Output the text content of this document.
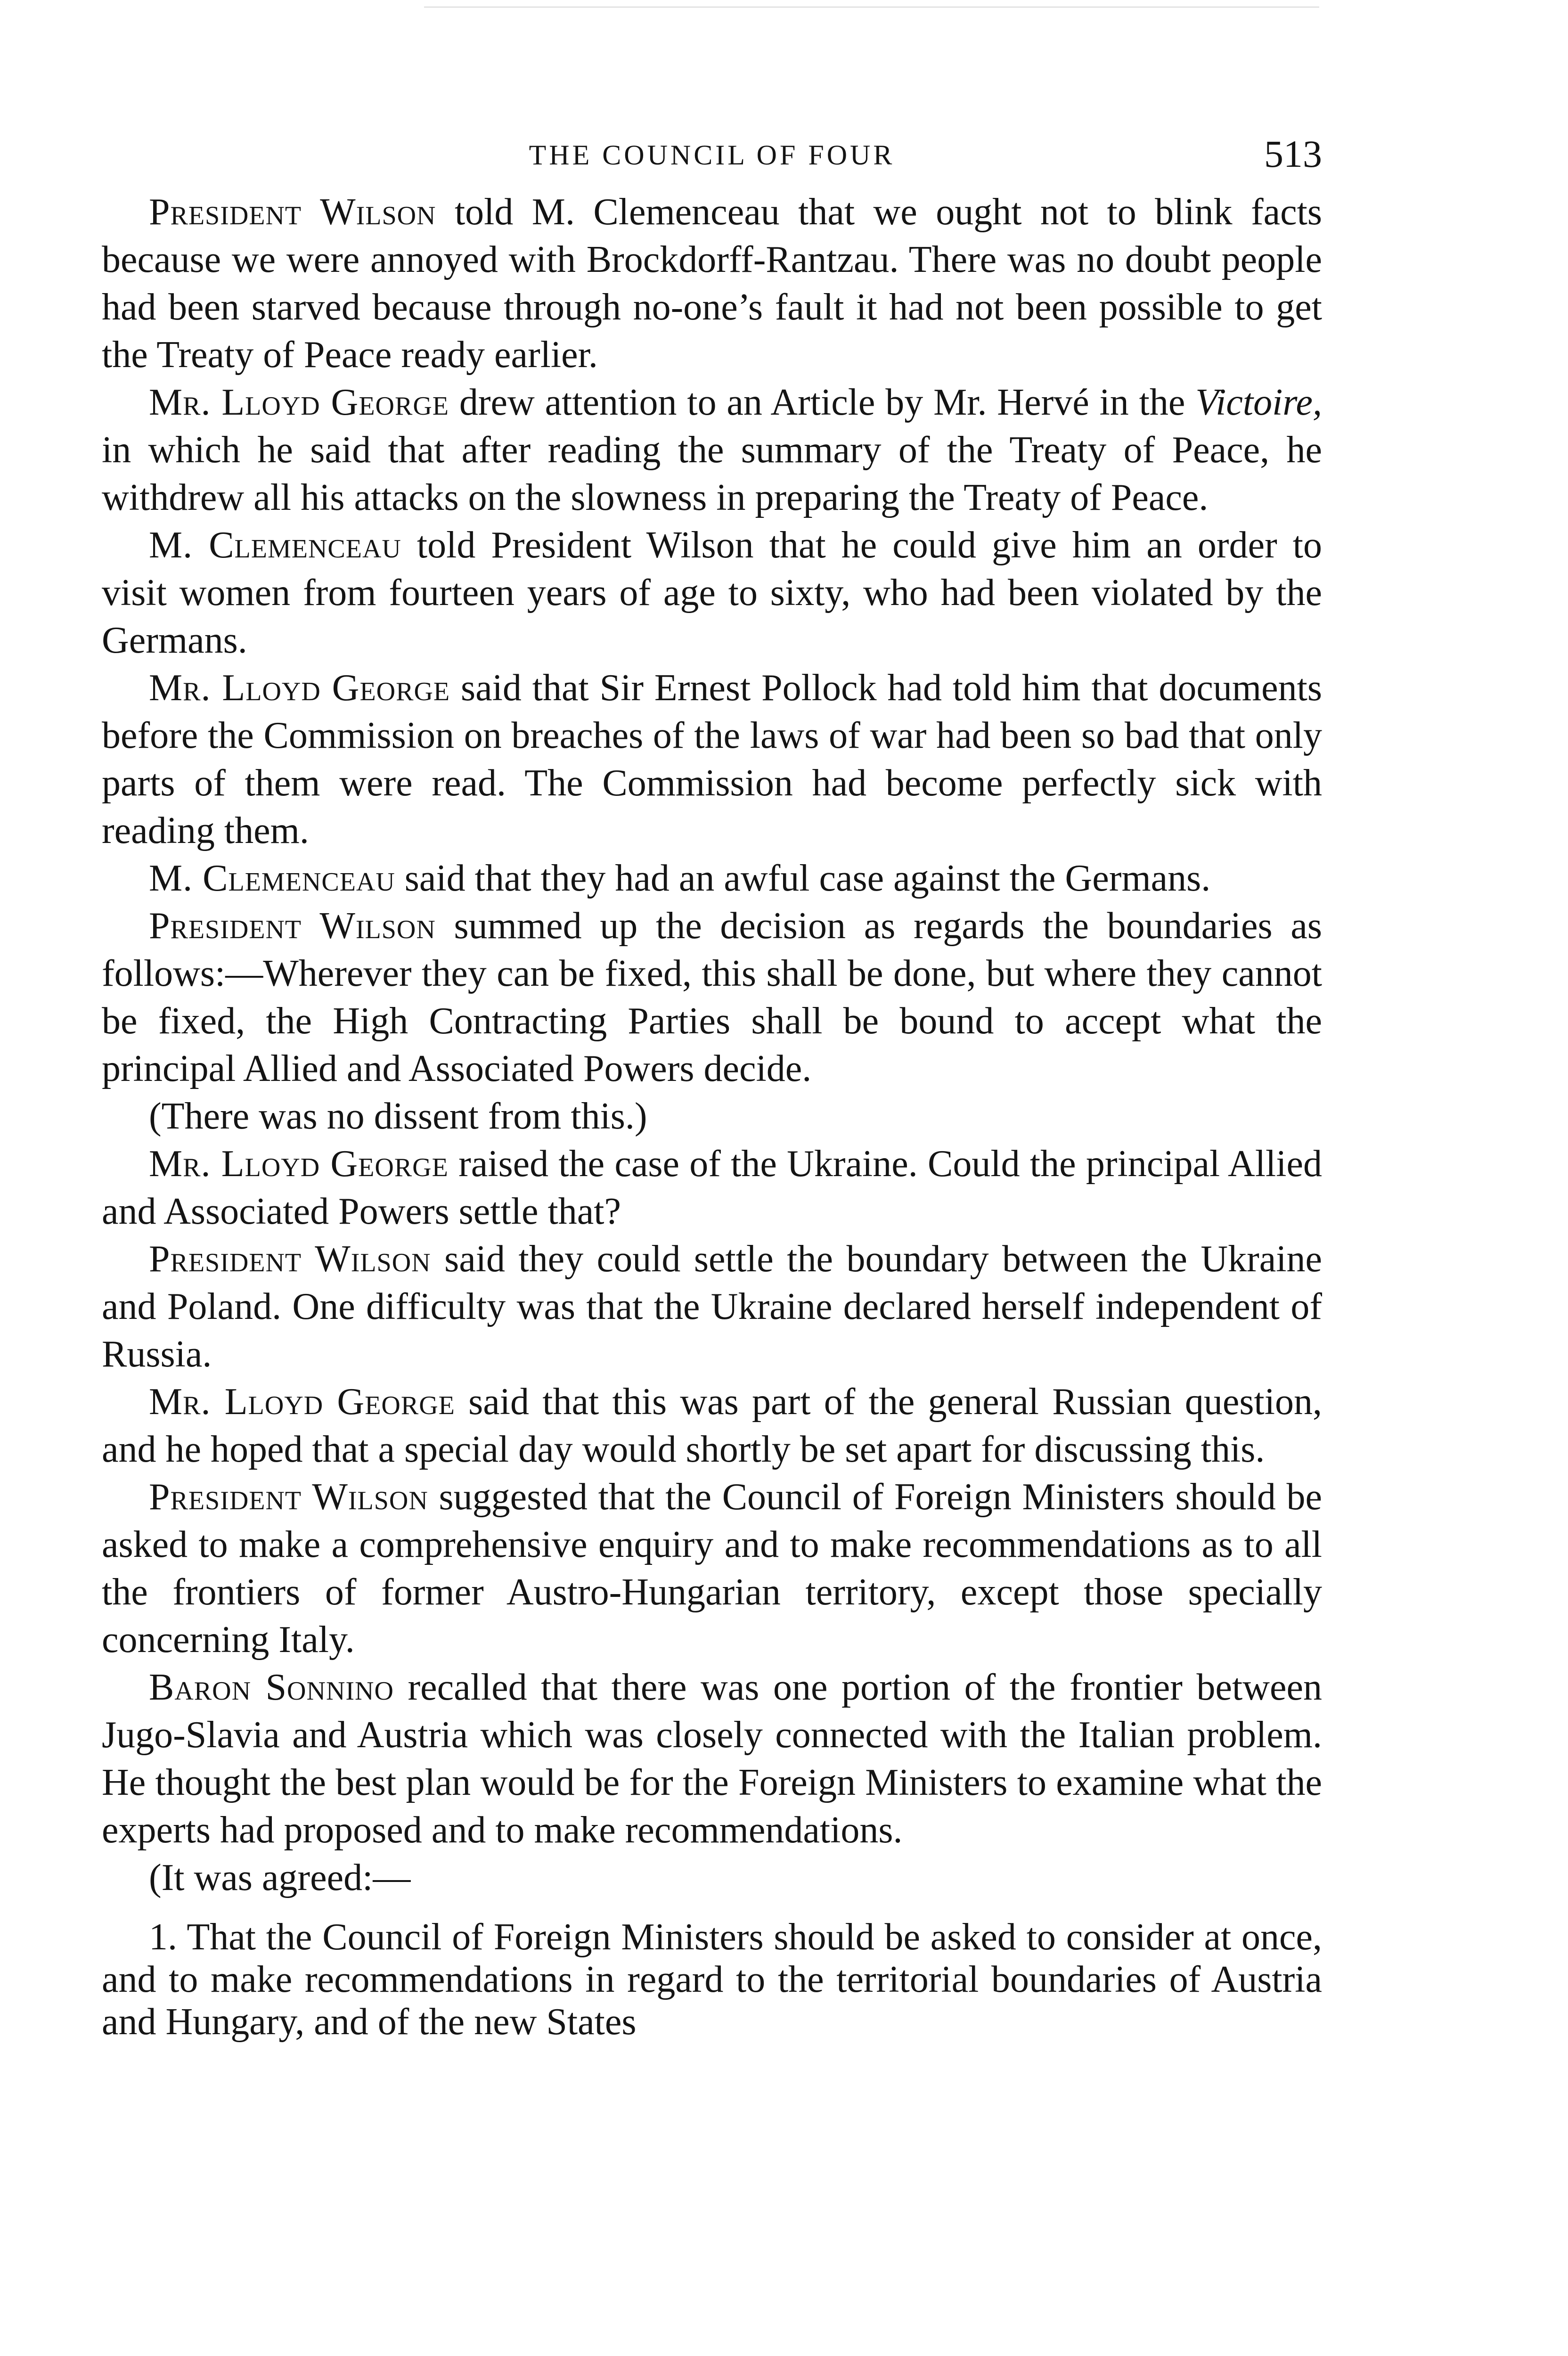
THE COUNCIL OF FOUR	513

President Wilson told M. Clemenceau that we ought not to blink facts because we were annoyed with Brockdorff-Rantzau. There was no doubt people had been starved because through no-one’s fault it had not been possible to get the Treaty of Peace ready earlier.

Mr. Lloyd George drew attention to an Article by Mr. Hervé in the Victoire, in which he said that after reading the summary of the Treaty of Peace, he withdrew all his attacks on the slowness in preparing the Treaty of Peace.

M. Clemenceau told President Wilson that he could give him an order to visit women from fourteen years of age to sixty, who had been violated by the Germans.

Mr. Lloyd George said that Sir Ernest Pollock had told him that documents before the Commission on breaches of the laws of war had been so bad that only parts of them were read. The Commission had become perfectly sick with reading them.

M. Clemenceau said that they had an awful case against the Germans.

President Wilson summed up the decision as regards the boundaries as follows:—Wherever they can be fixed, this shall be done, but where they cannot be fixed, the High Contracting Parties shall be bound to accept what the principal Allied and Associated Powers decide.

(There was no dissent from this.)

Mr. Lloyd George raised the case of the Ukraine. Could the principal Allied and Associated Powers settle that?

President Wilson said they could settle the boundary between the Ukraine and Poland. One difficulty was that the Ukraine declared herself independent of Russia.

Mr. Lloyd George said that this was part of the general Russian question, and he hoped that a special day would shortly be set apart for discussing this.

President Wilson suggested that the Council of Foreign Ministers should be asked to make a comprehensive enquiry and to make recommendations as to all the frontiers of former Austro-Hungarian territory, except those specially concerning Italy.

Baron Sonnino recalled that there was one portion of the frontier between Jugo-Slavia and Austria which was closely connected with the Italian problem. He thought the best plan would be for the Foreign Ministers to examine what the experts had proposed and to make recommendations.

(It was agreed:—

1. That the Council of Foreign Ministers should be asked to consider at once, and to make recommendations in regard to the territorial boundaries of Austria and Hungary, and of the new States
